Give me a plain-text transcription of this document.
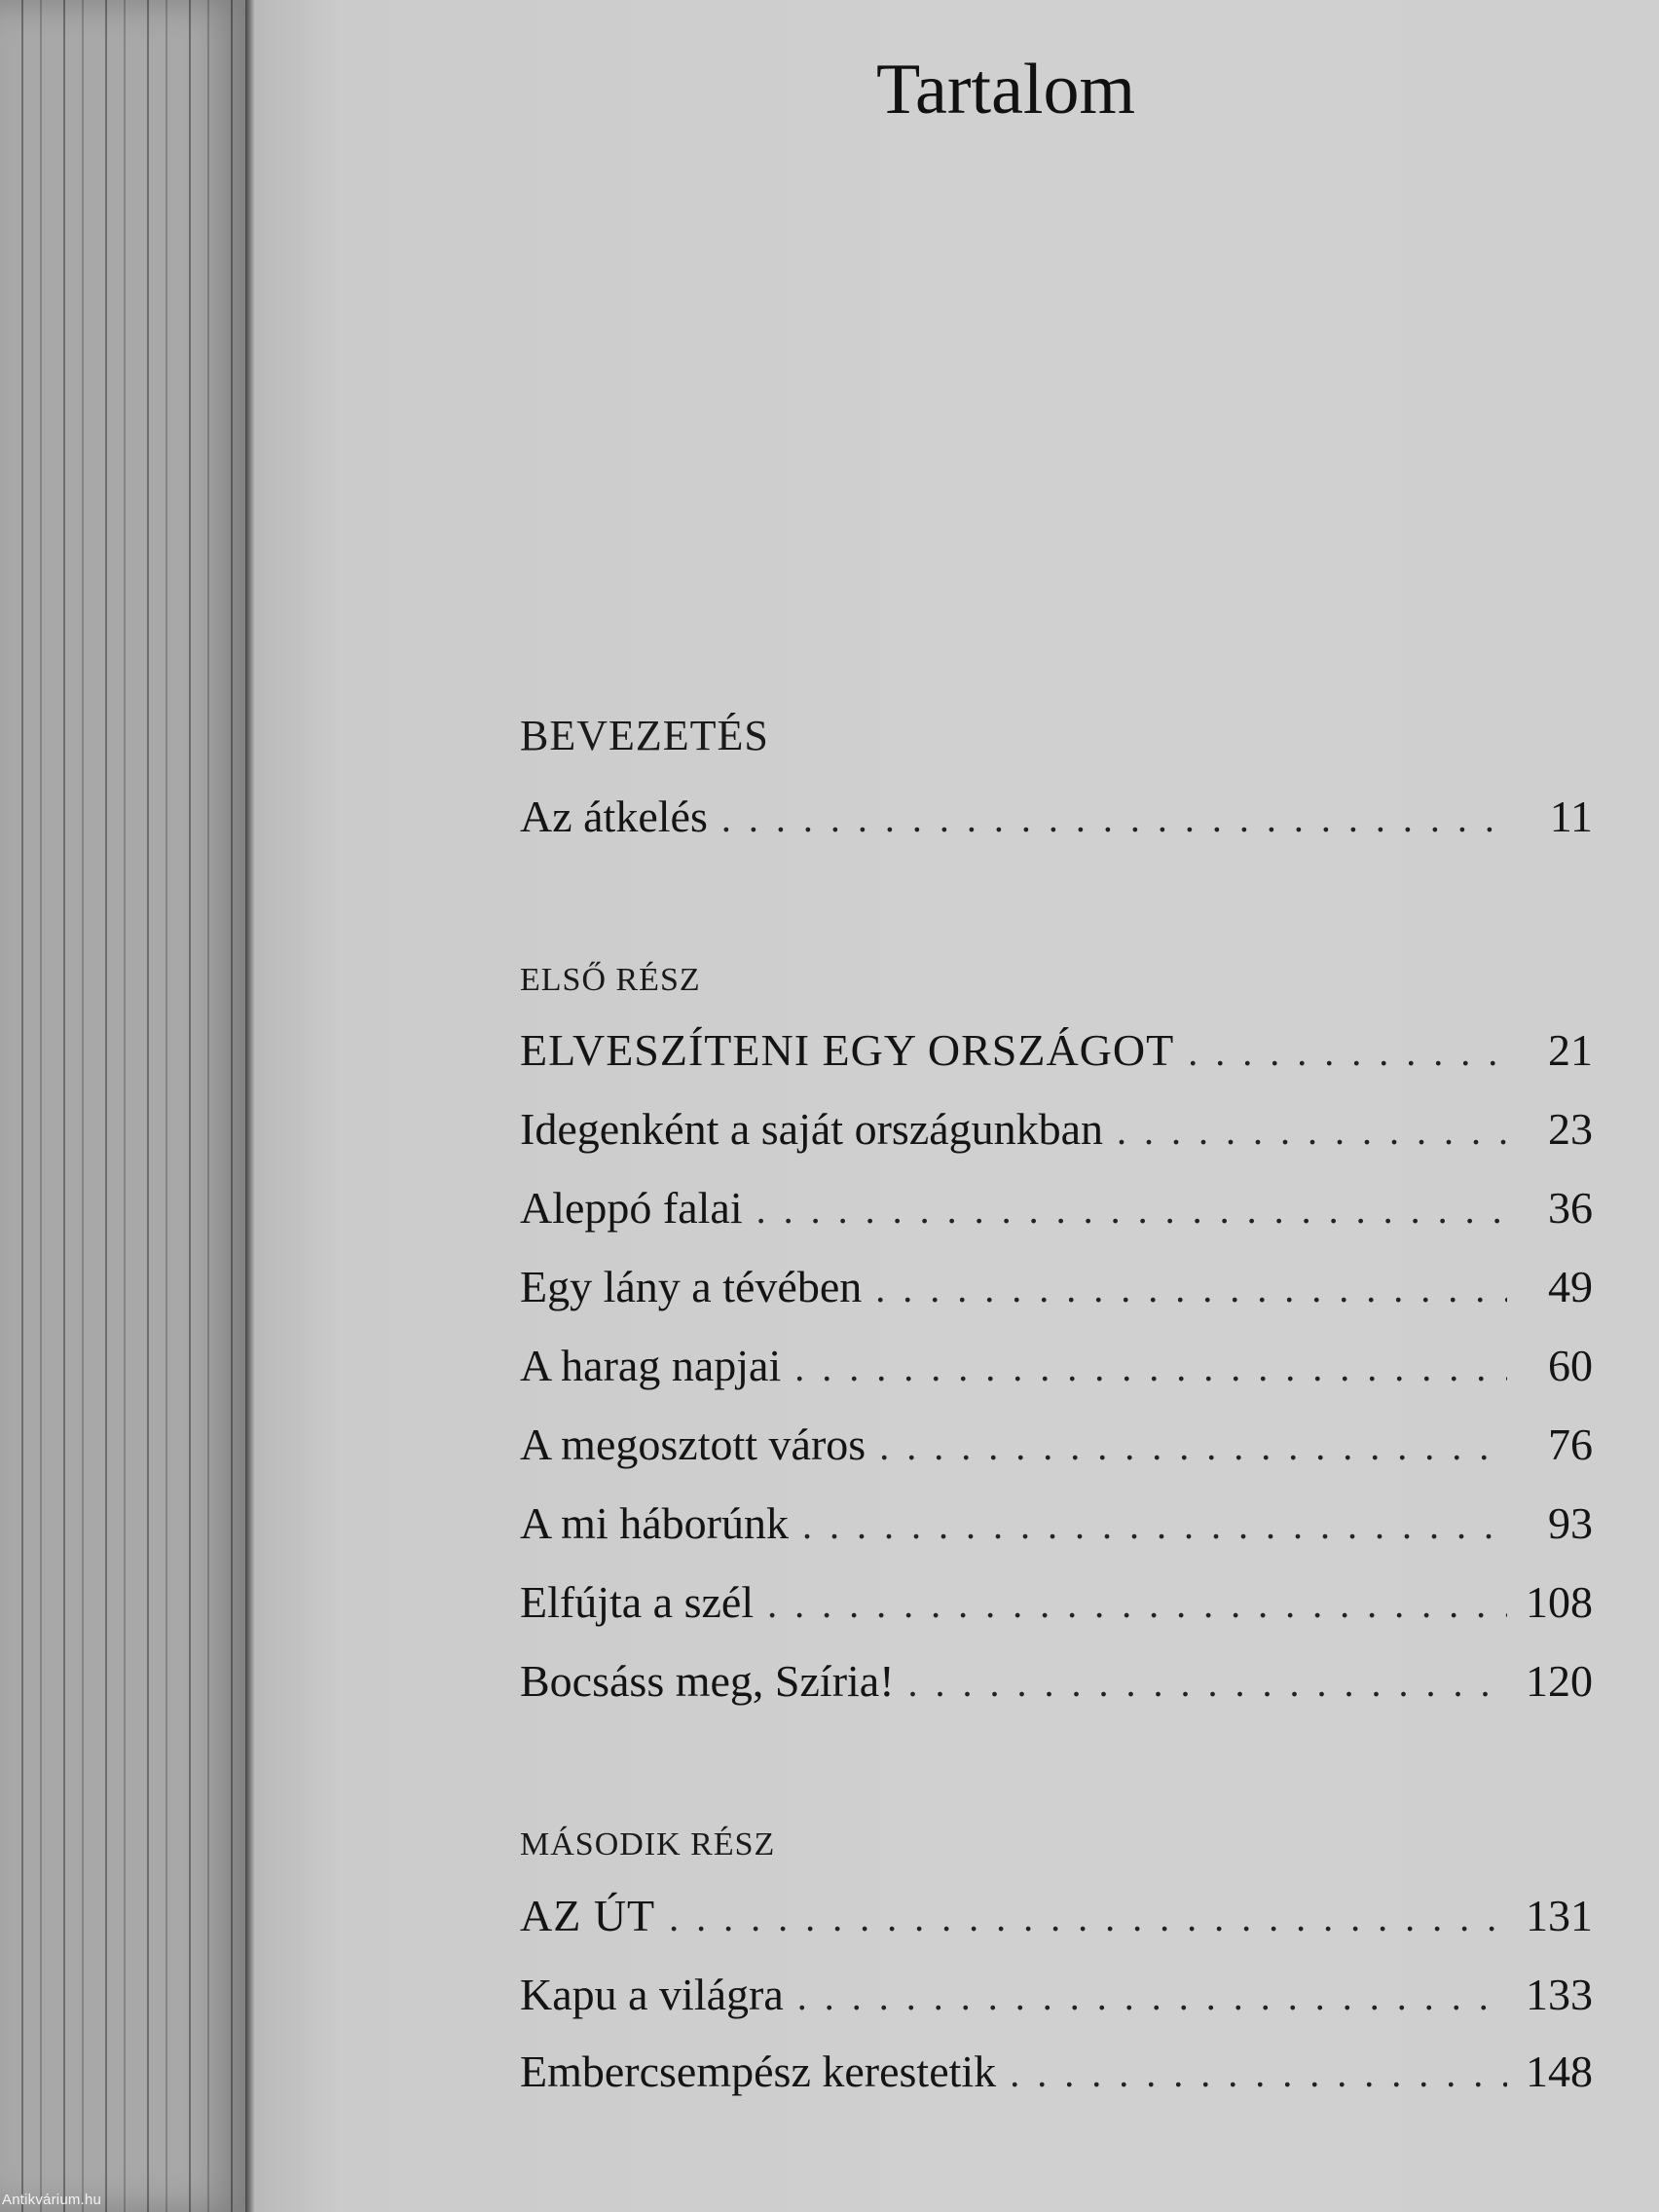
Tartalom
BEVEZETÉS
Az átkelés . . .	11
ELSŐ RÉSZ
ELVESZÍTENI EGY ORSZÁGOT . . .	21
Idegenként a saját országunkban . . .	23
Aleppó falai . . .	36
Egy lány a tévében . . .	49
A harag napjai . . .	60
A megosztott város . . .	76
A mi háborúnk . . .	93
Elfújta a szél . . .	108
Bocsáss meg, Szíria! . . .	120
MÁSODIK RÉSZ
AZ ÚT . . .	131
Kapu a világra . . .	133
Embercsempész kerestetik . . .	148
Antikvárium.hu
